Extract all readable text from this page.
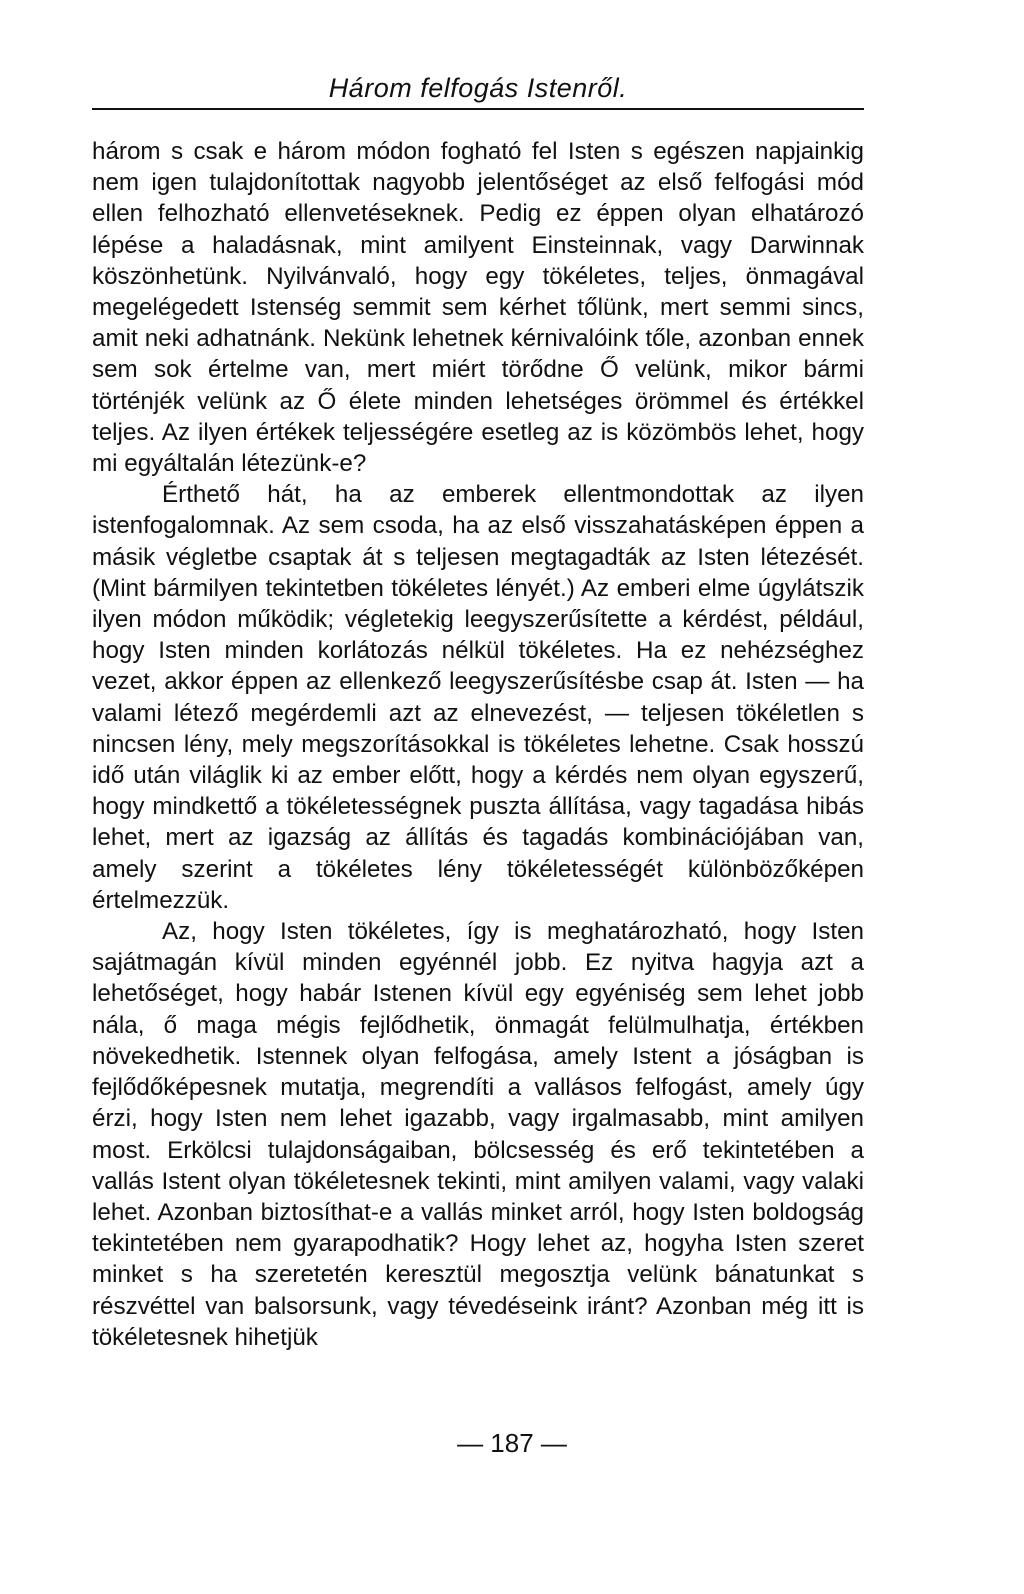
Három felfogás Istenről.

három s csak e három módon fogható fel Isten s egészen napjainkig nem igen tulajdonítottak nagyobb jelentőséget az első felfogási mód ellen felhozható ellenvetéseknek. Pedig ez éppen olyan elhatározó lépése a haladásnak, mint amilyent Einsteinnak, vagy Darwinnak köszönhetünk. Nyilvánvaló, hogy egy tökéletes, teljes, önmagával megelégedett Istenség semmit sem kérhet tőlünk, mert semmi sincs, amit neki adhatnánk. Nekünk lehetnek kérnivalóink tőle, azonban ennek sem sok értelme van, mert miért törődne Ő velünk, mikor bármi történjék velünk az Ő élete minden lehetséges örömmel és értékkel teljes. Az ilyen értékek teljességére esetleg az is közömbös lehet, hogy mi egyáltalán létezünk-e?

Érthető hát, ha az emberek ellentmondottak az ilyen istenfogalomnak. Az sem csoda, ha az első visszahatásképen éppen a másik végletbe csaptak át s teljesen megtagadták az Isten létezését. (Mint bármilyen tekintetben tökéletes lényét.) Az emberi elme úgylátszik ilyen módon működik; végletekig leegyszerűsítette a kérdést, például, hogy Isten minden korlátozás nélkül tökéletes. Ha ez nehézséghez vezet, akkor éppen az ellenkező leegyszerűsítésbe csap át. Isten — ha valami létező megérdemli azt az elnevezést, — teljesen tökéletlen s nincsen lény, mely megszorításokkal is tökéletes lehetne. Csak hosszú idő után világlik ki az ember előtt, hogy a kérdés nem olyan egyszerű, hogy mindkettő a tökéletességnek puszta állítása, vagy tagadása hibás lehet, mert az igazság az állítás és tagadás kombinációjában van, amely szerint a tökéletes lény tökéletességét különbözőképen értelmezzük.

Az, hogy Isten tökéletes, így is meghatározható, hogy Isten sajátmagán kívül minden egyénnél jobb. Ez nyitva hagyja azt a lehetőséget, hogy habár Istenen kívül egy egyéniség sem lehet jobb nála, ő maga mégis fejlődhetik, önmagát felülmulhatja, értékben növekedhetik. Istennek olyan felfogása, amely Istent a jóságban is fejlődőképesnek mutatja, megrendíti a vallásos felfogást, amely úgy érzi, hogy Isten nem lehet igazabb, vagy irgalmasabb, mint amilyen most. Erkölcsi tulajdonságaiban, bölcsesség és erő tekintetében a vallás Istent olyan tökéletesnek tekinti, mint amilyen valami, vagy valaki lehet. Azonban biztosíthat-e a vallás minket arról, hogy Isten boldogság tekintetében nem gyarapodhatik? Hogy lehet az, hogyha Isten szeret minket s ha szeretetén keresztül megosztja velünk bánatunkat s részvéttel van balsorsunk, vagy tévedéseink iránt? Azonban még itt is tökéletesnek hihetjük

— 187 —
